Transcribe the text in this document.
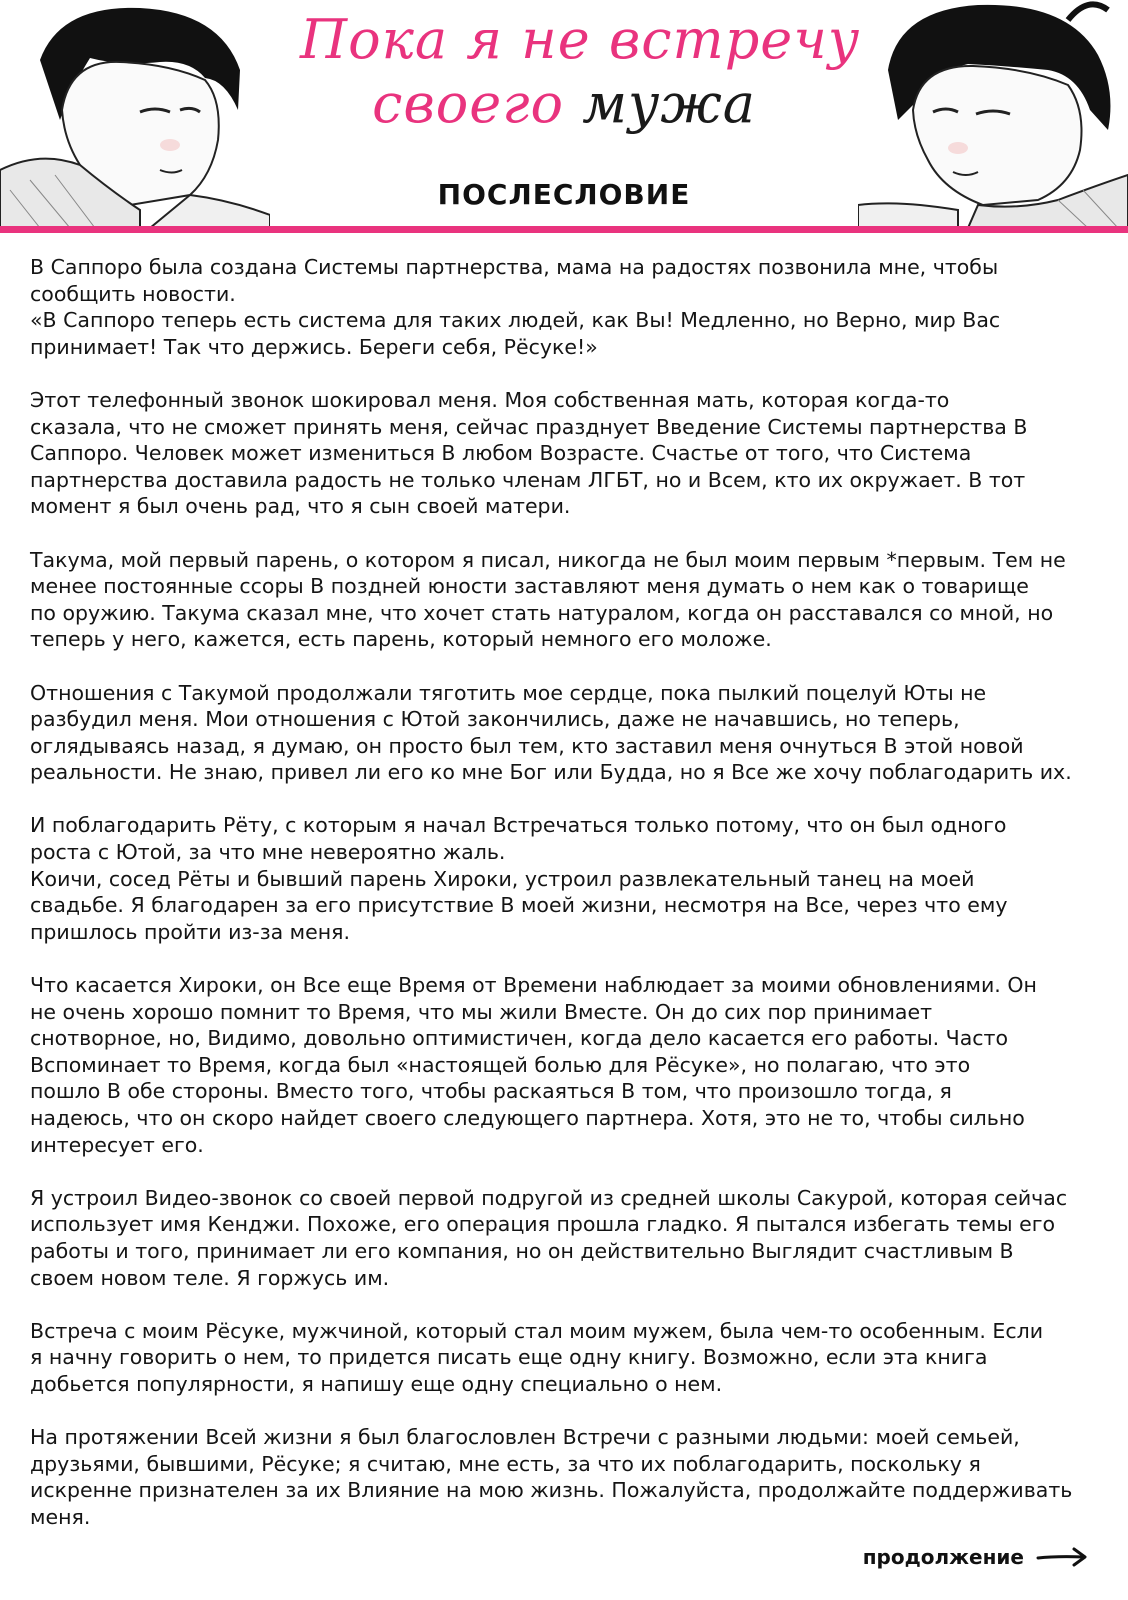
Пока я не встречу
своего мужа
ПОСЛЕСЛОВИЕ

В Саппоро была создана Системы партнерства, мама на радостях позвонила мне, чтобы
сообщить новости.
«В Саппоро теперь есть система для таких людей, как Вы! Медленно, но Верно, мир Вас
принимает! Так что держись. Береги себя, Рёсуке!»

Этот телефонный звонок шокировал меня. Моя собственная мать, которая когда-то
сказала, что не сможет принять меня, сейчас празднует Введение Системы партнерства В
Саппоро. Человек может измениться В любом Возрасте. Счастье от того, что Система
партнерства доставила радость не только членам ЛГБТ, но и Всем, кто их окружает. В тот
момент я был очень рад, что я сын своей матери.

Такума, мой первый парень, о котором я писал, никогда не был моим первым *первым. Тем не
менее постоянные ссоры В поздней юности заставляют меня думать о нем как о товарище
по оружию. Такума сказал мне, что хочет стать натуралом, когда он расставался со мной, но
теперь у него, кажется, есть парень, который немного его моложе.

Отношения с Такумой продолжали тяготить мое сердце, пока пылкий поцелуй Юты не
разбудил меня. Мои отношения с Ютой закончились, даже не начавшись, но теперь,
оглядываясь назад, я думаю, он просто был тем, кто заставил меня очнуться В этой новой
реальности. Не знаю, привел ли его ко мне Бог или Будда, но я Все же хочу поблагодарить их.

И поблагодарить Рёту, с которым я начал Встречаться только потому, что он был одного
роста с Ютой, за что мне невероятно жаль.
Коичи, сосед Рёты и бывший парень Хироки, устроил развлекательный танец на моей
свадьбе. Я благодарен за его присутствие В моей жизни, несмотря на Все, через что ему
пришлось пройти из-за меня.

Что касается Хироки, он Все еще Время от Времени наблюдает за моими обновлениями. Он
не очень хорошо помнит то Время, что мы жили Вместе. Он до сих пор принимает
снотворное, но, Видимо, довольно оптимистичен, когда дело касается его работы. Часто
Вспоминает то Время, когда был «настоящей болью для Рёсуке», но полагаю, что это
пошло В обе стороны. Вместо того, чтобы раскаяться В том, что произошло тогда, я
надеюсь, что он скоро найдет своего следующего партнера. Хотя, это не то, чтобы сильно
интересует его.

Я устроил Видео-звонок со своей первой подругой из средней школы Сакурой, которая сейчас
использует имя Кенджи. Похоже, его операция прошла гладко. Я пытался избегать темы его
работы и того, принимает ли его компания, но он действительно Выглядит счастливым В
своем новом теле. Я горжусь им.

Встреча с моим Рёсуке, мужчиной, который стал моим мужем, была чем-то особенным. Если
я начну говорить о нем, то придется писать еще одну книгу. Возможно, если эта книга
добьется популярности, я напишу еще одну специально о нем.

На протяжении Всей жизни я был благословлен Встречи с разными людьми: моей семьей,
друзьями, бывшими, Рёсуке; я считаю, мне есть, за что их поблагодарить, поскольку я
искренне признателен за их Влияние на мою жизнь. Пожалуйста, продолжайте поддерживать
меня.

продолжение
